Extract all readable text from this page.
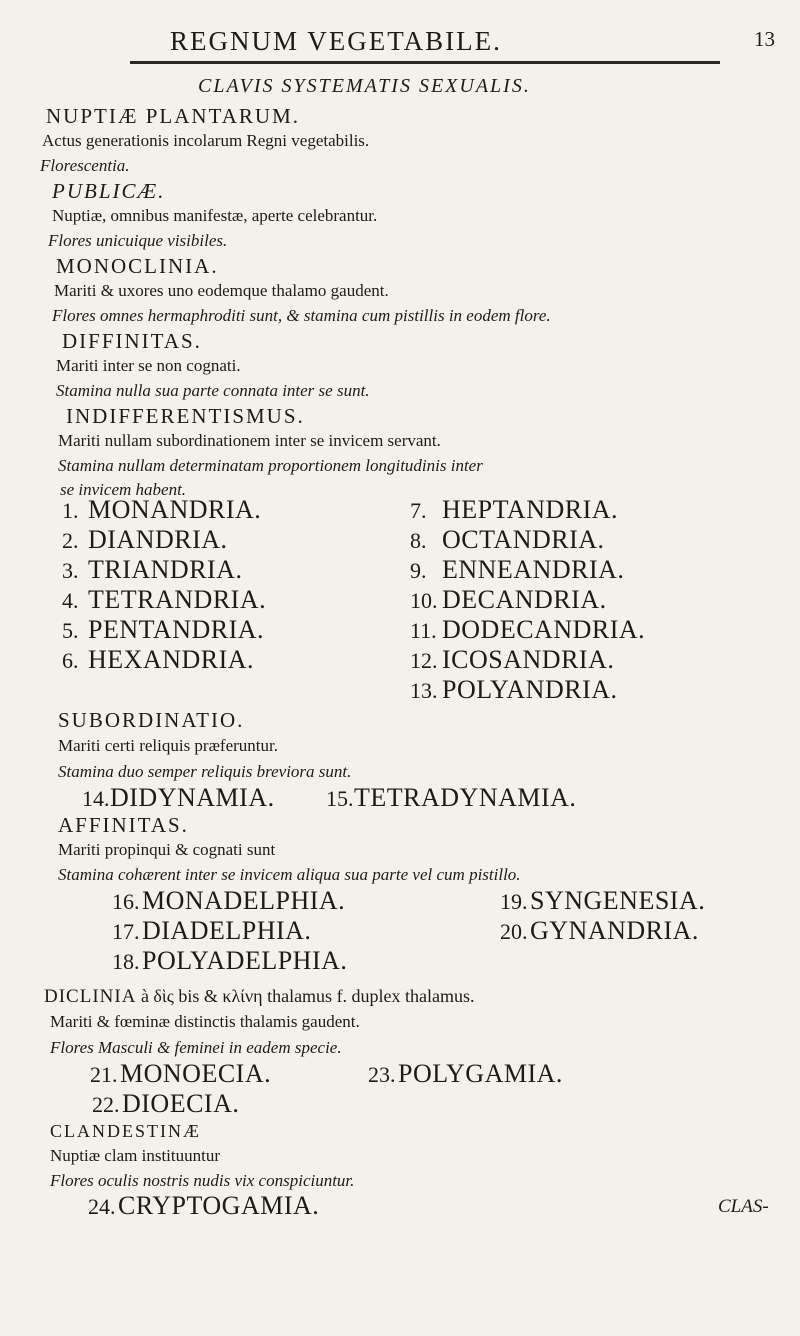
REGNUM VEGETABILE.	13
CLAVIS SYSTEMATIS SEXUALIS.
NUPTIÆ PLANTARUM.
Actus generationis incolarum Regni vegetabilis.
Florescentia.
PUBLICÆ.
Nuptiæ, omnibus manifestæ, aperte celebrantur.
Flores unicuique visibiles.
MONOCLINIA.
Mariti & uxores uno eodemque thalamo gaudent.
Flores omnes hermaphroditi sunt, & stamina cum pistillis in eodem flore.
DIFFINITAS.
Mariti inter se non cognati.
Stamina nulla sua parte connata inter se sunt.
INDIFFERENTISMUS.
Mariti nullam subordinationem inter se invicem servant.
Stamina nullam determinatam proportionem longitudinis inter
se invicem habent.
1. MONANDRIA.
2. DIANDRIA.
3. TRIANDRIA.
4. TETRANDRIA.
5. PENTANDRIA.
6. HEXANDRIA.
7. HEPTANDRIA.
8. OCTANDRIA.
9. ENNEANDRIA.
10. DECANDRIA.
11. DODECANDRIA.
12. ICOSANDRIA.
13. POLYANDRIA.
SUBORDINATIO.
Mariti certi reliquis præferuntur.
Stamina duo semper reliquis breviora sunt.
14. DIDYNAMIA. 15. TETRADYNAMIA.
AFFINITAS.
Mariti propinqui & cognati sunt
Stamina cohærent inter se invicem aliqua sua parte vel cum pistillo.
16. MONADELPHIA.	19. SYNGENESIA.
17. DIADELPHIA.	20. GYNANDRIA.
18. POLYADELPHIA.
DICLINIA à δὶς bis & κλίνη thalamus f. duplex thalamus.
Mariti & fœminæ distinctis thalamis gaudent.
Flores Masculi & feminei in eadem specie.
21. MONOECIA.	23. POLYGAMIA.
22. DIOECIA.
CLANDESTINÆ
Nuptiæ clam instituuntur
Flores oculis nostris nudis vix conspiciuntur.
24. CRYPTOGAMIA.	CLAS-
